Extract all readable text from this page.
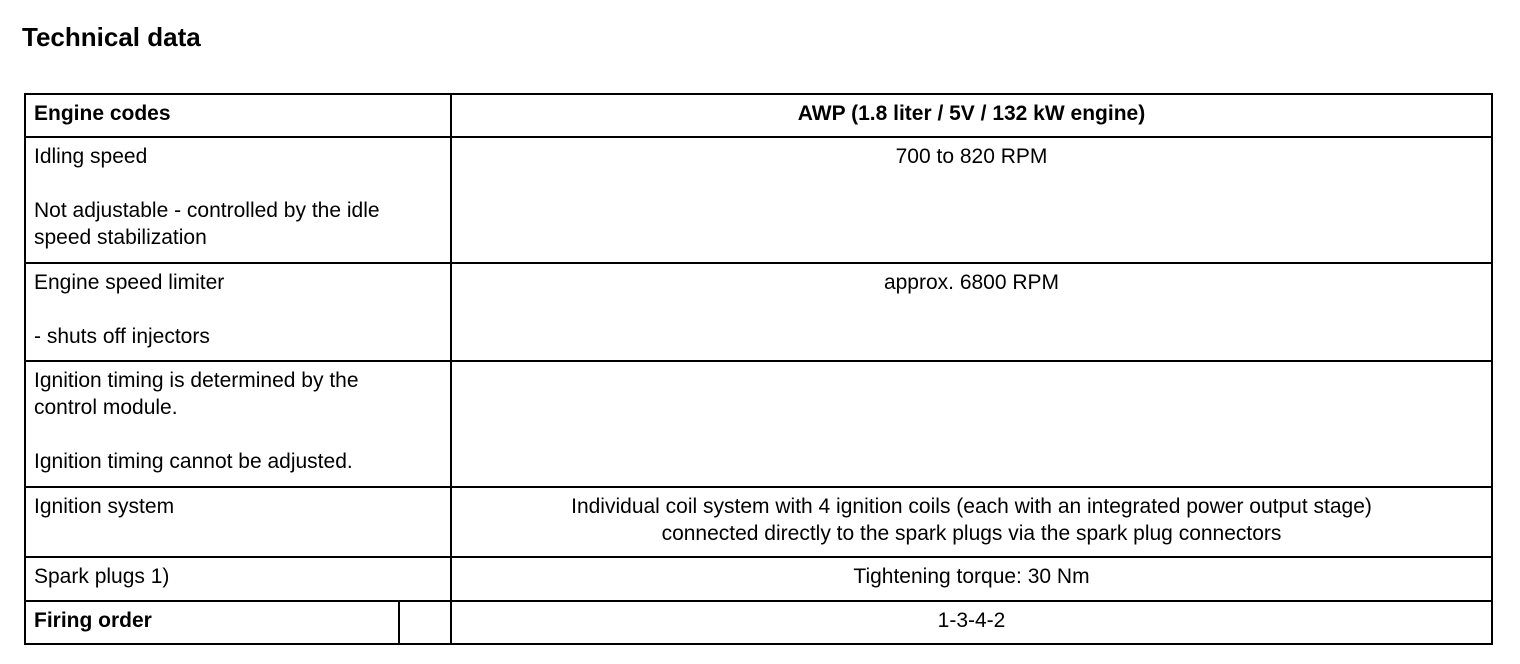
Technical data
Engine codes		AWP (1.8 liter / 5V / 132 kW engine)

Idling speed
Not adjustable - controlled by the idle
speed stabilization		700 to 820 RPM

Engine speed limiter
- shuts off injectors		approx. 6800 RPM

Ignition timing is determined by the
control module.
Ignition timing cannot be adjusted.		

Ignition system		Individual coil system with 4 ignition coils (each with an integrated power output stage)
connected directly to the spark plugs via the spark plug connectors

Spark plugs 1)		Tightening torque: 30 Nm
Firing order		1-3-4-2
